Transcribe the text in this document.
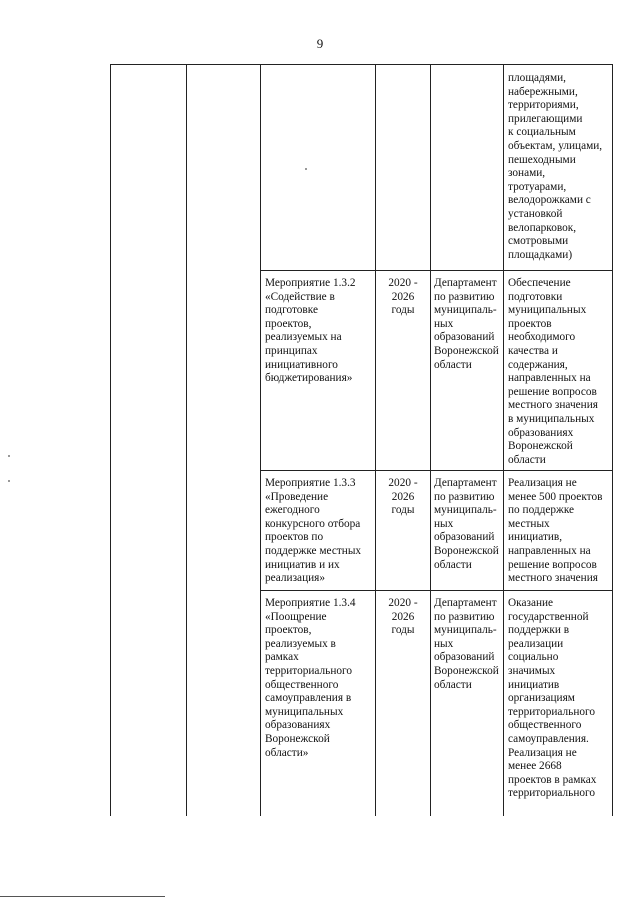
9
площадями,
набережными,
территориями,
прилегающими
к социальным
объектам, улицами,
пешеходными
зонами,
тротуарами,
велодорожками с
установкой
велопарковок,
смотровыми
площадками)
Мероприятие 1.3.2
«Содействие в
подготовке
проектов,
реализуемых на
принципах
инициативного
бюджетирования»
2020 -
2026
годы
Департамент
по развитию
муниципаль-
ных
образований
Воронежской
области
Обеспечение
подготовки
муниципальных
проектов
необходимого
качества и
содержания,
направленных на
решение вопросов
местного значения
в муниципальных
образованиях
Воронежской
области
Мероприятие 1.3.3
«Проведение
ежегодного
конкурсного отбора
проектов по
поддержке местных
инициатив и их
реализация»
2020 -
2026
годы
Департамент
по развитию
муниципаль-
ных
образований
Воронежской
области
Реализация не
менее 500 проектов
по поддержке
местных
инициатив,
направленных на
решение вопросов
местного значения
Мероприятие 1.3.4
«Поощрение
проектов,
реализуемых в
рамках
территориального
общественного
самоуправления в
муниципальных
образованиях
Воронежской
области»
2020 -
2026
годы
Департамент
по развитию
муниципаль-
ных
образований
Воронежской
области
Оказание
государственной
поддержки в
реализации
социально
значимых
инициатив
организациям
территориального
общественного
самоуправления.
Реализация не
менее 2668
проектов в рамках
территориального
